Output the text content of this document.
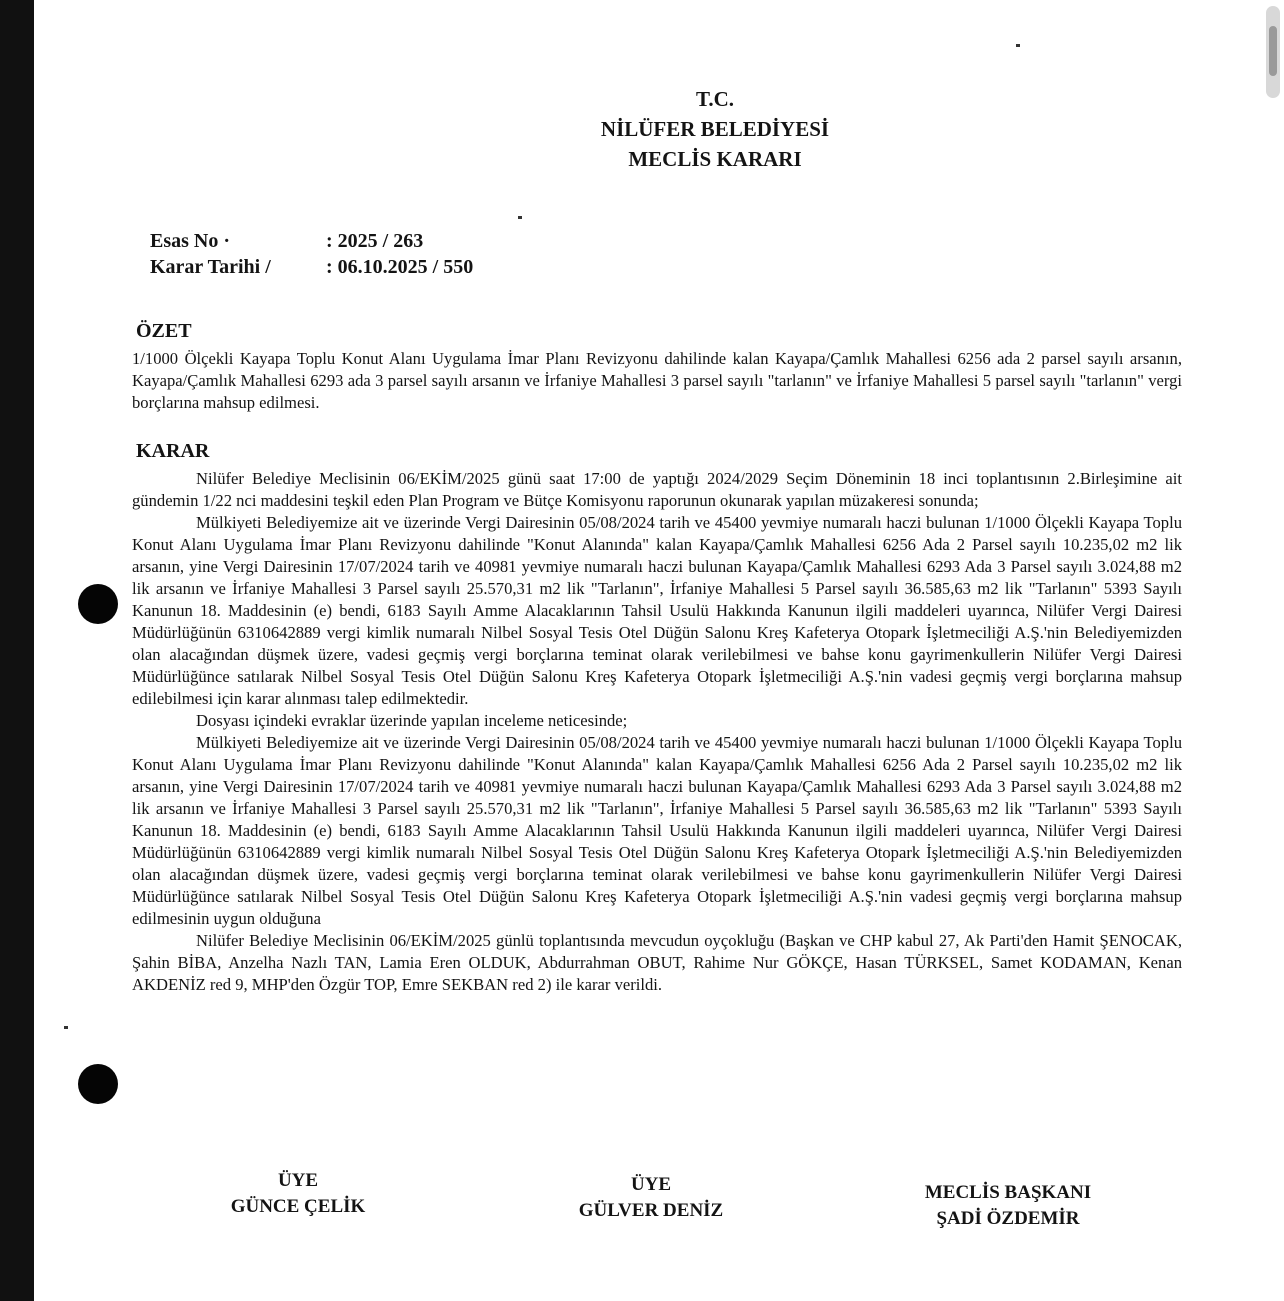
T.C.
NİLÜFER BELEDİYESİ
MECLİS KARARI
Esas No ·	: 2025 / 263
Karar Tarihi /	: 06.10.2025 / 550
ÖZET

1/1000 Ölçekli Kayapa Toplu Konut Alanı Uygulama İmar Planı Revizyonu dahilinde kalan Kayapa/Çamlık Mahallesi 6256 ada 2 parsel sayılı arsanın, Kayapa/Çamlık Mahallesi 6293 ada 3 parsel sayılı arsanın ve İrfaniye Mahallesi 3 parsel sayılı "tarlanın" ve İrfaniye Mahallesi 5 parsel sayılı "tarlanın" vergi borçlarına mahsup edilmesi.

KARAR

Nilüfer Belediye Meclisinin 06/EKİM/2025 günü saat 17:00 de yaptığı 2024/2029 Seçim Döneminin 18 inci toplantısının 2.Birleşimine ait gündemin 1/22 nci maddesini teşkil eden Plan Program ve Bütçe Komisyonu raporunun okunarak yapılan müzakeresi sonunda;

Mülkiyeti Belediyemize ait ve üzerinde Vergi Dairesinin 05/08/2024 tarih ve 45400 yevmiye numaralı haczi bulunan 1/1000 Ölçekli Kayapa Toplu Konut Alanı Uygulama İmar Planı Revizyonu dahilinde "Konut Alanında" kalan Kayapa/Çamlık Mahallesi 6256 Ada 2 Parsel sayılı 10.235,02 m2 lik arsanın, yine Vergi Dairesinin 17/07/2024 tarih ve 40981 yevmiye numaralı haczi bulunan Kayapa/Çamlık Mahallesi 6293 Ada 3 Parsel sayılı 3.024,88 m2 lik arsanın ve İrfaniye Mahallesi 3 Parsel sayılı 25.570,31 m2 lik "Tarlanın", İrfaniye Mahallesi 5 Parsel sayılı 36.585,63 m2 lik "Tarlanın" 5393 Sayılı Kanunun 18. Maddesinin (e) bendi, 6183 Sayılı Amme Alacaklarının Tahsil Usulü Hakkında Kanunun ilgili maddeleri uyarınca, Nilüfer Vergi Dairesi Müdürlüğünün 6310642889 vergi kimlik numaralı Nilbel Sosyal Tesis Otel Düğün Salonu Kreş Kafeterya Otopark İşletmeciliği A.Ş.'nin Belediyemizden olan alacağından düşmek üzere, vadesi geçmiş vergi borçlarına teminat olarak verilebilmesi ve bahse konu gayrimenkullerin Nilüfer Vergi Dairesi Müdürlüğünce satılarak Nilbel Sosyal Tesis Otel Düğün Salonu Kreş Kafeterya Otopark İşletmeciliği A.Ş.'nin vadesi geçmiş vergi borçlarına mahsup edilebilmesi için karar alınması talep edilmektedir.

Dosyası içindeki evraklar üzerinde yapılan inceleme neticesinde;

Mülkiyeti Belediyemize ait ve üzerinde Vergi Dairesinin 05/08/2024 tarih ve 45400 yevmiye numaralı haczi bulunan 1/1000 Ölçekli Kayapa Toplu Konut Alanı Uygulama İmar Planı Revizyonu dahilinde "Konut Alanında" kalan Kayapa/Çamlık Mahallesi 6256 Ada 2 Parsel sayılı 10.235,02 m2 lik arsanın, yine Vergi Dairesinin 17/07/2024 tarih ve 40981 yevmiye numaralı haczi bulunan Kayapa/Çamlık Mahallesi 6293 Ada 3 Parsel sayılı 3.024,88 m2 lik arsanın ve İrfaniye Mahallesi 3 Parsel sayılı 25.570,31 m2 lik "Tarlanın", İrfaniye Mahallesi 5 Parsel sayılı 36.585,63 m2 lik "Tarlanın" 5393 Sayılı Kanunun 18. Maddesinin (e) bendi, 6183 Sayılı Amme Alacaklarının Tahsil Usulü Hakkında Kanunun ilgili maddeleri uyarınca, Nilüfer Vergi Dairesi Müdürlüğünün 6310642889 vergi kimlik numaralı Nilbel Sosyal Tesis Otel Düğün Salonu Kreş Kafeterya Otopark İşletmeciliği A.Ş.'nin Belediyemizden olan alacağından düşmek üzere, vadesi geçmiş vergi borçlarına teminat olarak verilebilmesi ve bahse konu gayrimenkullerin Nilüfer Vergi Dairesi Müdürlüğünce satılarak Nilbel Sosyal Tesis Otel Düğün Salonu Kreş Kafeterya Otopark İşletmeciliği A.Ş.'nin vadesi geçmiş vergi borçlarına mahsup edilmesinin uygun olduğuna

Nilüfer Belediye Meclisinin 06/EKİM/2025 günlü toplantısında mevcudun oyçokluğu (Başkan ve CHP kabul 27, Ak Parti'den Hamit ŞENOCAK, Şahin BİBA, Anzelha Nazlı TAN, Lamia Eren OLDUK, Abdurrahman OBUT, Rahime Nur GÖKÇE, Hasan TÜRKSEL, Samet KODAMAN, Kenan AKDENİZ red 9, MHP'den Özgür TOP, Emre SEKBAN red 2) ile karar verildi.

ÜYE
GÜNCE ÇELİK
ÜYE
GÜLVER DENİZ
MECLİS BAŞKANI
ŞADİ ÖZDEMİR
